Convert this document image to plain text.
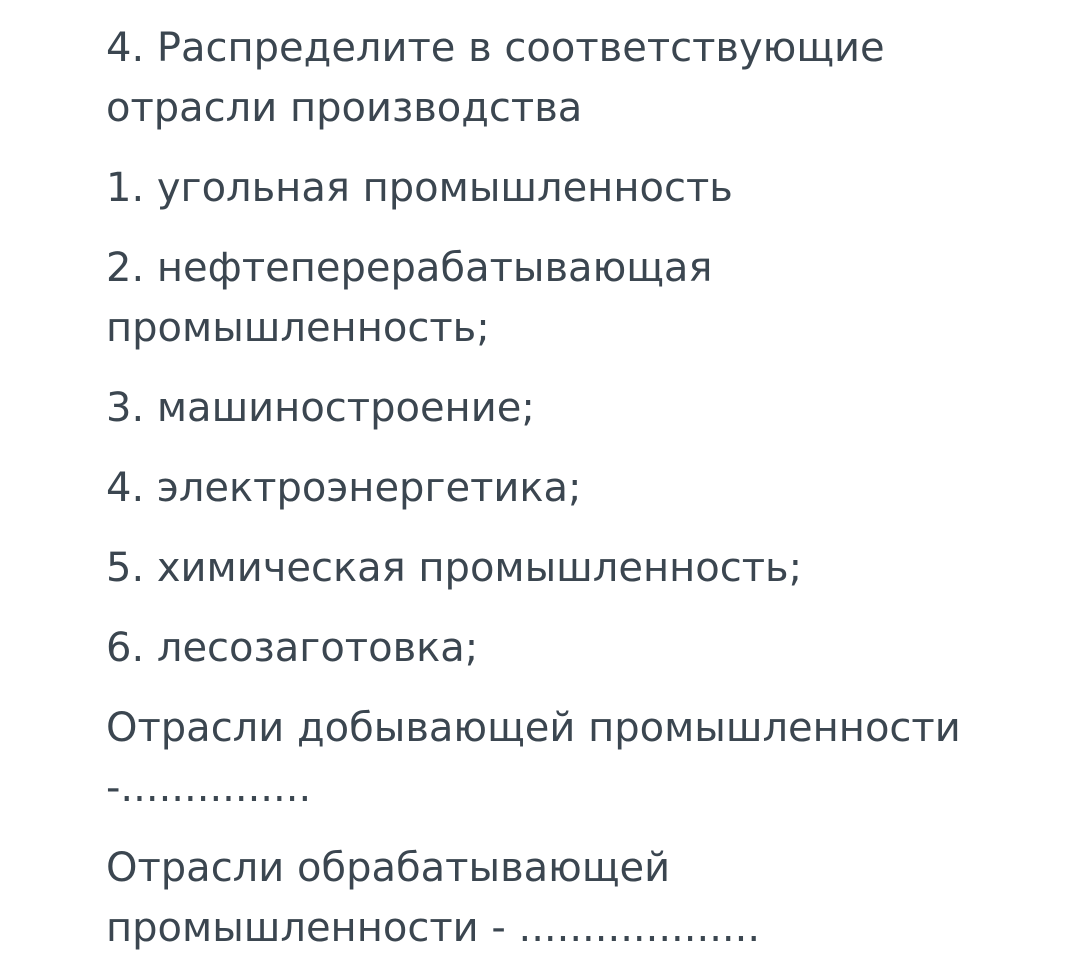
4. Распределите в соответствующие
отрасли производства
1. угольная промышленность
2. нефтеперерабатывающая
промышленность;
3. машиностроение;
4. электроэнергетика;
5. химическая промышленность;
6. лесозаготовка;
Отрасли добывающей промышленности
-...............
Отрасли обрабатывающей
промышленности - ...................
